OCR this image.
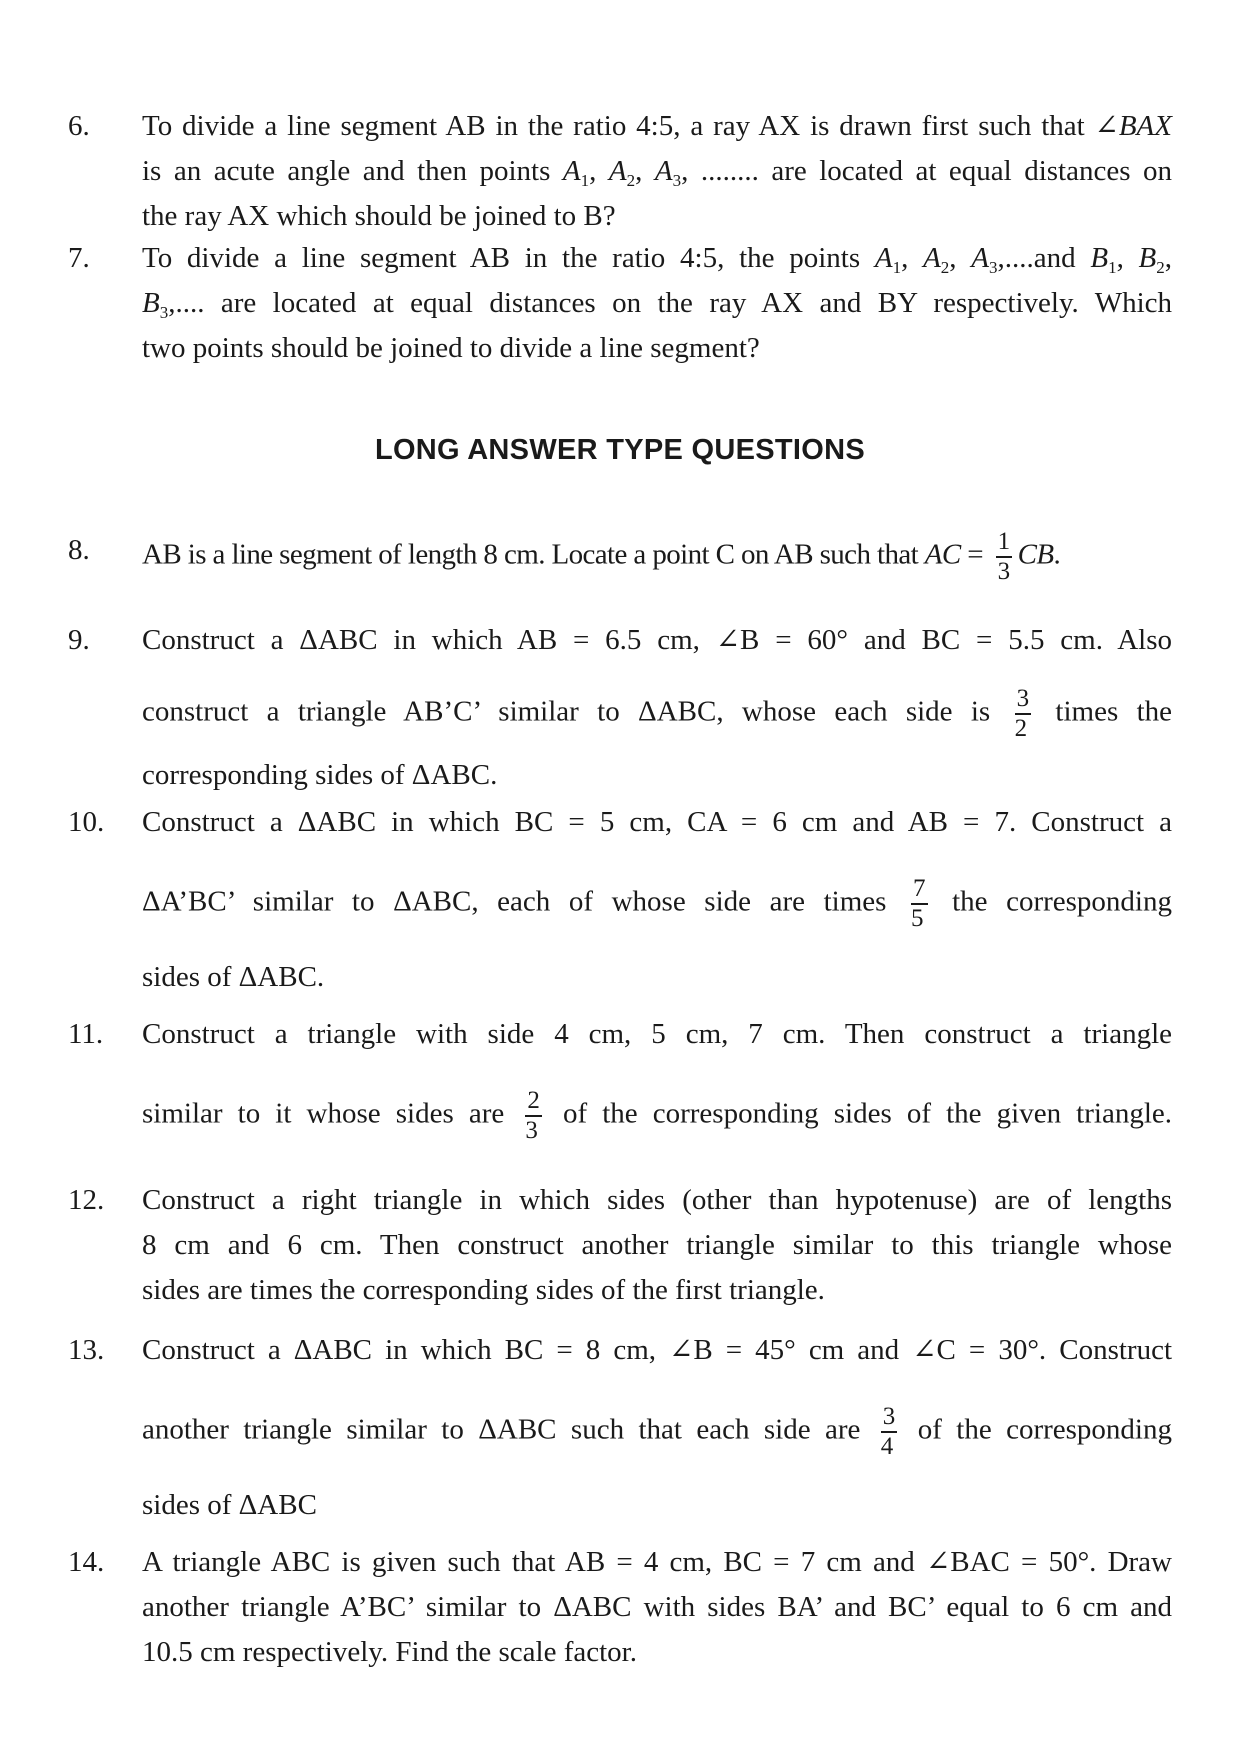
6.	To divide a line segment AB in the ratio 4:5, a ray AX is drawn first such that ∠BAX
is an acute angle and then points $A_1$, $A_2$, $A_3$, ........ are located at equal distances on
the ray AX which should be joined to B?
7.	To divide a line segment AB in the ratio 4:5, the points $A_1$, $A_2$, $A_3,....and$ $B_1$, $B_2$,
$B_3$,.... are located at equal distances on the ray AX and BY respectively. Which
two points should be joined to divide a line segment?
LONG ANSWER TYPE QUESTIONS
8.	AB is a line segment of length 8 cm. Locate a point C on AB such that AC = $\frac{1}{3}$ CB.
9.	Construct a ΔABC in which AB = 6.5 cm, ∠B = 60° and BC = 5.5 cm. Also
construct a triangle AB’C’ similar to ΔABC, whose each side is $\frac{3}{2}$ times the
corresponding sides of ΔABC.
10.	Construct a ΔABC in which BC = 5 cm, CA = 6 cm and AB = 7. Construct a
ΔA’BC’ similar to ΔABC, each of whose side are times $\frac{7}{5}$ the corresponding
sides of ΔABC.
11.	Construct a triangle with side 4 cm, 5 cm, 7 cm. Then construct a triangle
similar to it whose sides are $\frac{2}{3}$ of the corresponding sides of the given triangle.
12.	Construct a right triangle in which sides (other than hypotenuse) are of lengths
8 cm and 6 cm. Then construct another triangle similar to this triangle whose
sides are times the corresponding sides of the first triangle.
13.	Construct a ΔABC in which BC = 8 cm, ∠B = 45° cm and ∠C = 30°. Construct
another triangle similar to ΔABC such that each side are $\frac{3}{4}$ of the corresponding
sides of ΔABC
14.	A triangle ABC is given such that AB = 4 cm, BC = 7 cm and ∠BAC = 50°. Draw
another triangle A’BC’ similar to ΔABC with sides BA’ and BC’ equal to 6 cm and
10.5 cm respectively. Find the scale factor.
